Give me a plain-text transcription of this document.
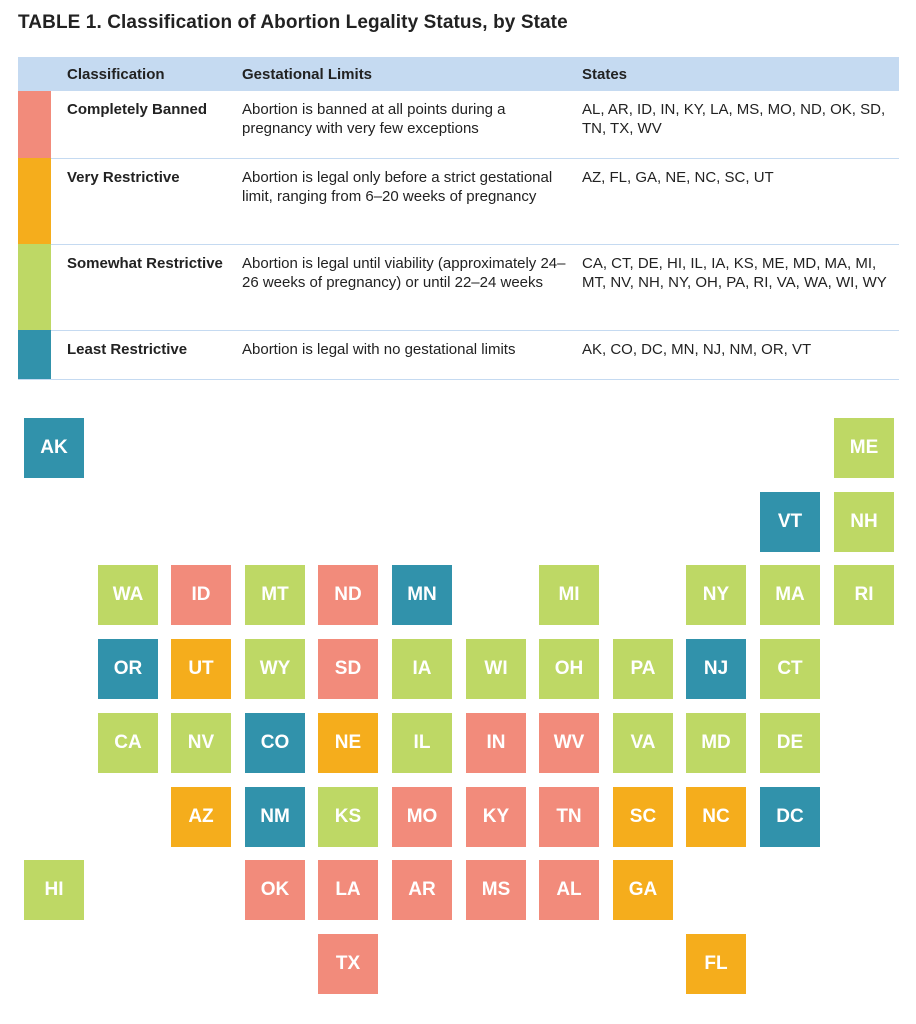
TABLE 1. Classification of Abortion Legality Status, by State
	Classification	Gestational Limits	States

	Completely Banned	Abortion is banned at all points during a pregnancy with very few exceptions	AL, AR, ID, IN, KY, LA, MS, MO, ND, OK, SD, TN, TX, WV

	Very Restrictive	Abortion is legal only before a strict gestational limit, ranging from 6–20 weeks of pregnancy	AZ, FL, GA, NE, NC, SC, UT

	Somewhat Restrictive	Abortion is legal until viability (approximately 24–26 weeks of pregnancy) or until 22–24 weeks	CA, CT, DE, HI, IL, IA, KS, ME, MD, MA, MI, MT, NV, NH, NY, OH, PA, RI, VA, WA, WI, WY

	Least Restrictive	Abortion is legal with no gestational limits	AK, CO, DC, MN, NJ, NM, OR, VT
AK	ME
VT	NH
WA	ID	MT	ND	MN	MI	NY	MA	RI
OR	UT	WY	SD	IA	WI	OH	PA	NJ	CT
CA	NV	CO	NE	IL	IN	WV	VA	MD	DE
AZ	NM	KS	MO	KY	TN	SC	NC	DC
HI	OK	LA	AR	MS	AL	GA
TX	FL
